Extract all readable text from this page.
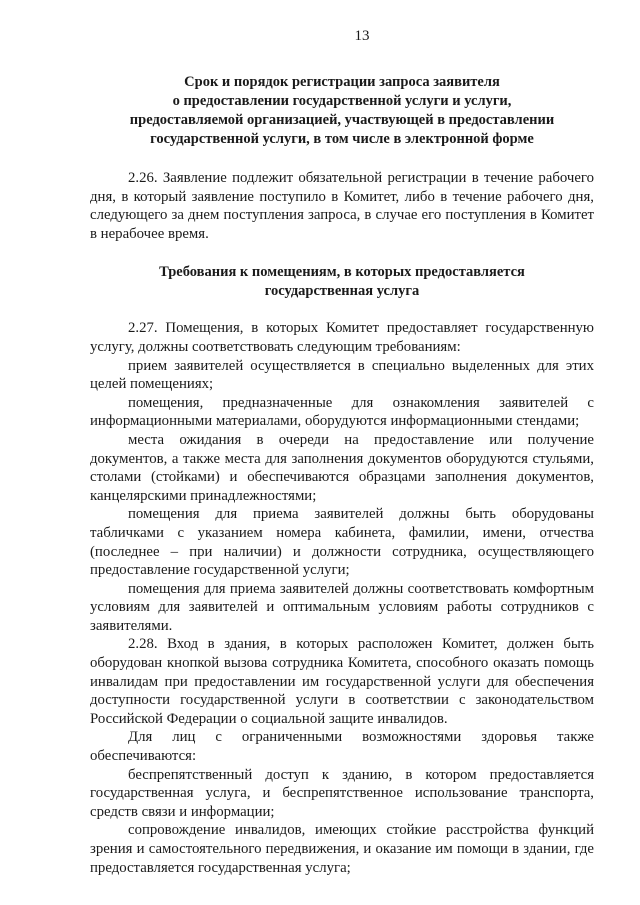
13

Срок и порядок регистрации запроса заявителя

о предоставлении государственной услуги и услуги,

предоставляемой организацией, участвующей в предоставлении

государственной услуги, в том числе в электронной форме

2.26. Заявление подлежит обязательной регистрации в течение рабочего дня, в который заявление поступило в Комитет, либо в течение рабочего дня, следующего за днем поступления запроса, в случае его поступления в Комитет в нерабочее время.

Требования к помещениям, в которых предоставляется

государственная услуга

2.27. Помещения, в которых Комитет предоставляет государственную услугу, должны соответствовать следующим требованиям:

прием заявителей осуществляется в специально выделенных для этих целей помещениях;

помещения, предназначенные для ознакомления заявителей с информационными материалами, оборудуются информационными стендами;

места ожидания в очереди на предоставление или получение документов, а также места для заполнения документов оборудуются стульями, столами (стойками) и обеспечиваются образцами заполнения документов, канцелярскими принадлежностями;

помещения для приема заявителей должны быть оборудованы табличками с указанием номера кабинета, фамилии, имени, отчества (последнее – при наличии) и должности сотрудника, осуществляющего предоставление государственной услуги;

помещения для приема заявителей должны соответствовать комфортным условиям для заявителей и оптимальным условиям работы сотрудников с заявителями.

2.28. Вход в здания, в которых расположен Комитет, должен быть оборудован кнопкой вызова сотрудника Комитета, способного оказать помощь инвалидам при предоставлении им государственной услуги для обеспечения доступности государственной услуги в соответствии с законодательством Российской Федерации о социальной защите инвалидов.

Для лиц с ограниченными возможностями здоровья также обеспечиваются:

беспрепятственный доступ к зданию, в котором предоставляется государственная услуга, и беспрепятственное использование транспорта, средств связи и информации;

сопровождение инвалидов, имеющих стойкие расстройства функций зрения и самостоятельного передвижения, и оказание им помощи в здании, где предоставляется государственная услуга;
